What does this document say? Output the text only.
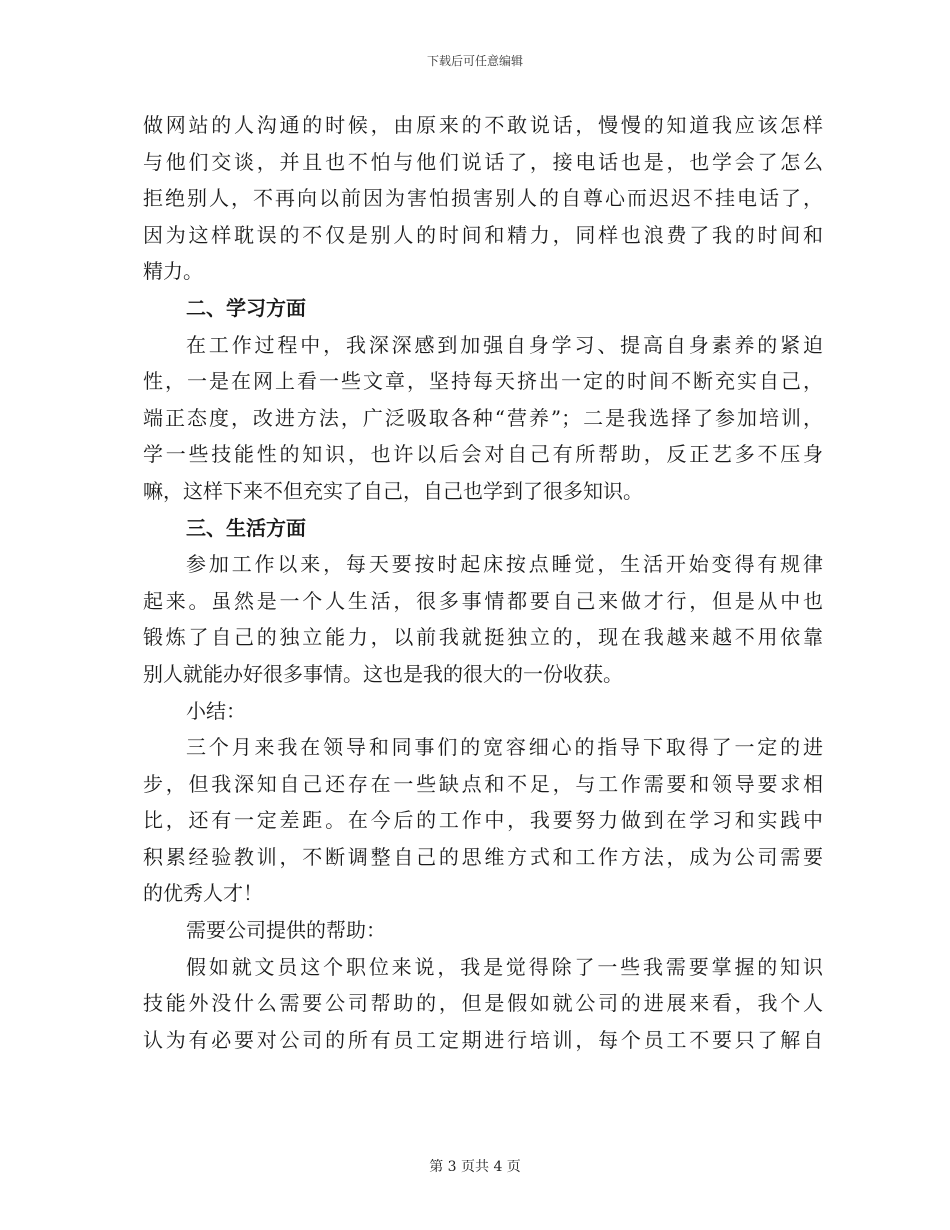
下载后可任意编辑
做网站的人沟通的时候，由原来的不敢说话，慢慢的知道我应该怎样
与他们交谈，并且也不怕与他们说话了，接电话也是，也学会了怎么
拒绝别人，不再向以前因为害怕损害别人的自尊心而迟迟不挂电话了，
因为这样耽误的不仅是别人的时间和精力，同样也浪费了我的时间和
精力。
二、学习方面
在工作过程中，我深深感到加强自身学习、提高自身素养的紧迫
性，一是在网上看一些文章，坚持每天挤出一定的时间不断充实自己，
端正态度，改进方法，广泛吸取各种“营养”；二是我选择了参加培训，
学一些技能性的知识，也许以后会对自己有所帮助，反正艺多不压身
嘛，这样下来不但充实了自己，自己也学到了很多知识。
三、生活方面
参加工作以来，每天要按时起床按点睡觉，生活开始变得有规律
起来。虽然是一个人生活，很多事情都要自己来做才行，但是从中也
锻炼了自己的独立能力，以前我就挺独立的，现在我越来越不用依靠
别人就能办好很多事情。这也是我的很大的一份收获。
小结：
三个月来我在领导和同事们的宽容细心的指导下取得了一定的进
步，但我深知自己还存在一些缺点和不足，与工作需要和领导要求相
比，还有一定差距。在今后的工作中，我要努力做到在学习和实践中
积累经验教训，不断调整自己的思维方式和工作方法，成为公司需要
的优秀人才！
需要公司提供的帮助：
假如就文员这个职位来说，我是觉得除了一些我需要掌握的知识
技能外没什么需要公司帮助的，但是假如就公司的进展来看，我个人
认为有必要对公司的所有员工定期进行培训，每个员工不要只了解自
第 3 页共 4 页
